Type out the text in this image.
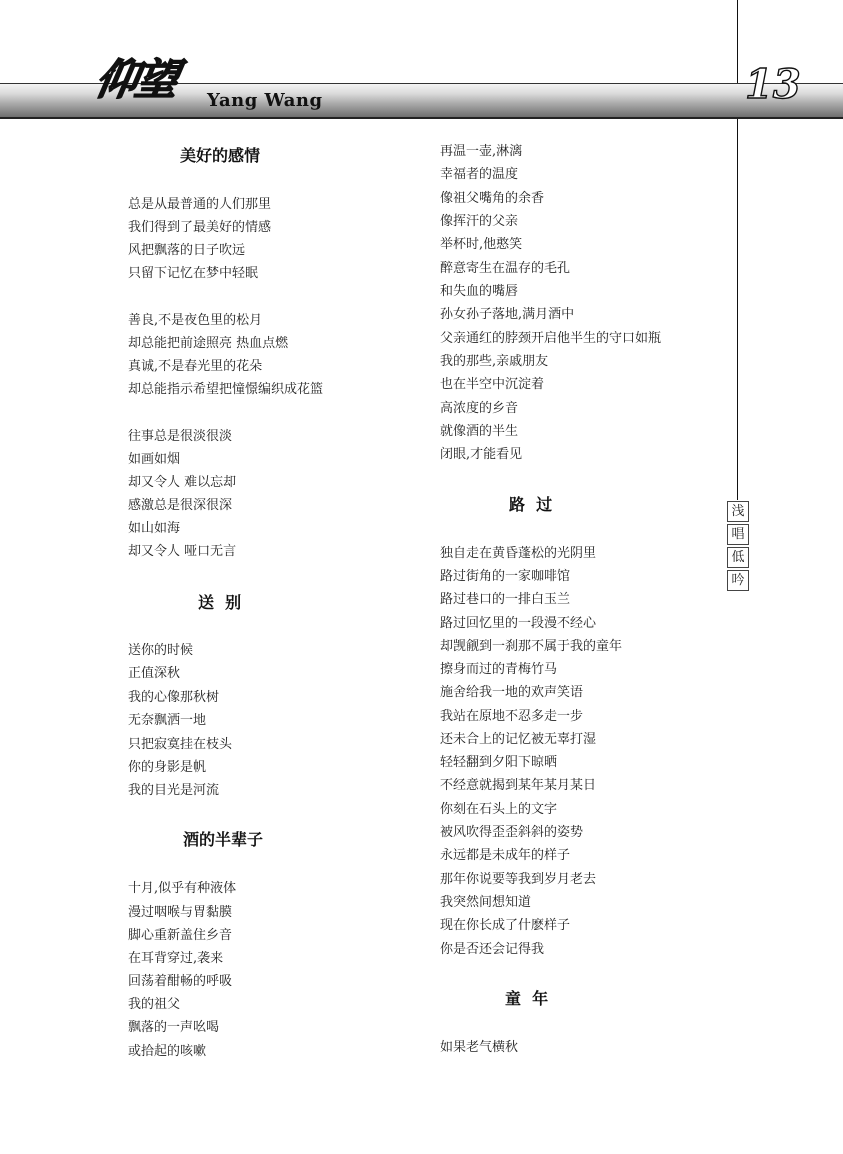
仰望 Yang Wang	13
浅
唱
低
吟
美好的感情
总是从最普通的人们那里
我们得到了最美好的情感
风把飘落的日子吹远
只留下记忆在梦中轻眠
善良,不是夜色里的松月
却总能把前途照亮 热血点燃
真诚,不是春光里的花朵
却总能指示希望把憧憬编织成花篮
往事总是很淡很淡
如画如烟
却又令人 难以忘却
感激总是很深很深
如山如海
却又令人 哑口无言
送  别
送你的时候
正值深秋
我的心像那秋树
无奈飘洒一地
只把寂寞挂在枝头
你的身影是帆
我的目光是河流
酒的半辈子
十月,似乎有种液体
漫过咽喉与胃黏膜
脚心重新盖住乡音
在耳背穿过,袭来
回荡着酣畅的呼吸
我的祖父
飘落的一声吆喝
或拾起的咳嗽
再温一壶,淋漓
幸福者的温度
像祖父嘴角的余香
像挥汗的父亲
举杯时,他憨笑
醉意寄生在温存的毛孔
和失血的嘴唇
孙女孙子落地,满月酒中
父亲通红的脖颈开启他半生的守口如瓶
我的那些,亲戚朋友
也在半空中沉淀着
高浓度的乡音
就像酒的半生
闭眼,才能看见
路  过
独自走在黄昏蓬松的光阴里
路过街角的一家咖啡馆
路过巷口的一排白玉兰
路过回忆里的一段漫不经心
却觊觎到一刹那不属于我的童年
擦身而过的青梅竹马
施舍给我一地的欢声笑语
我站在原地不忍多走一步
还未合上的记忆被无辜打湿
轻轻翻到夕阳下晾晒
不经意就揭到某年某月某日
你刻在石头上的文字
被风吹得歪歪斜斜的姿势
永远都是未成年的样子
那年你说要等我到岁月老去
我突然间想知道
现在你长成了什麽样子
你是否还会记得我
童  年
如果老气横秋
